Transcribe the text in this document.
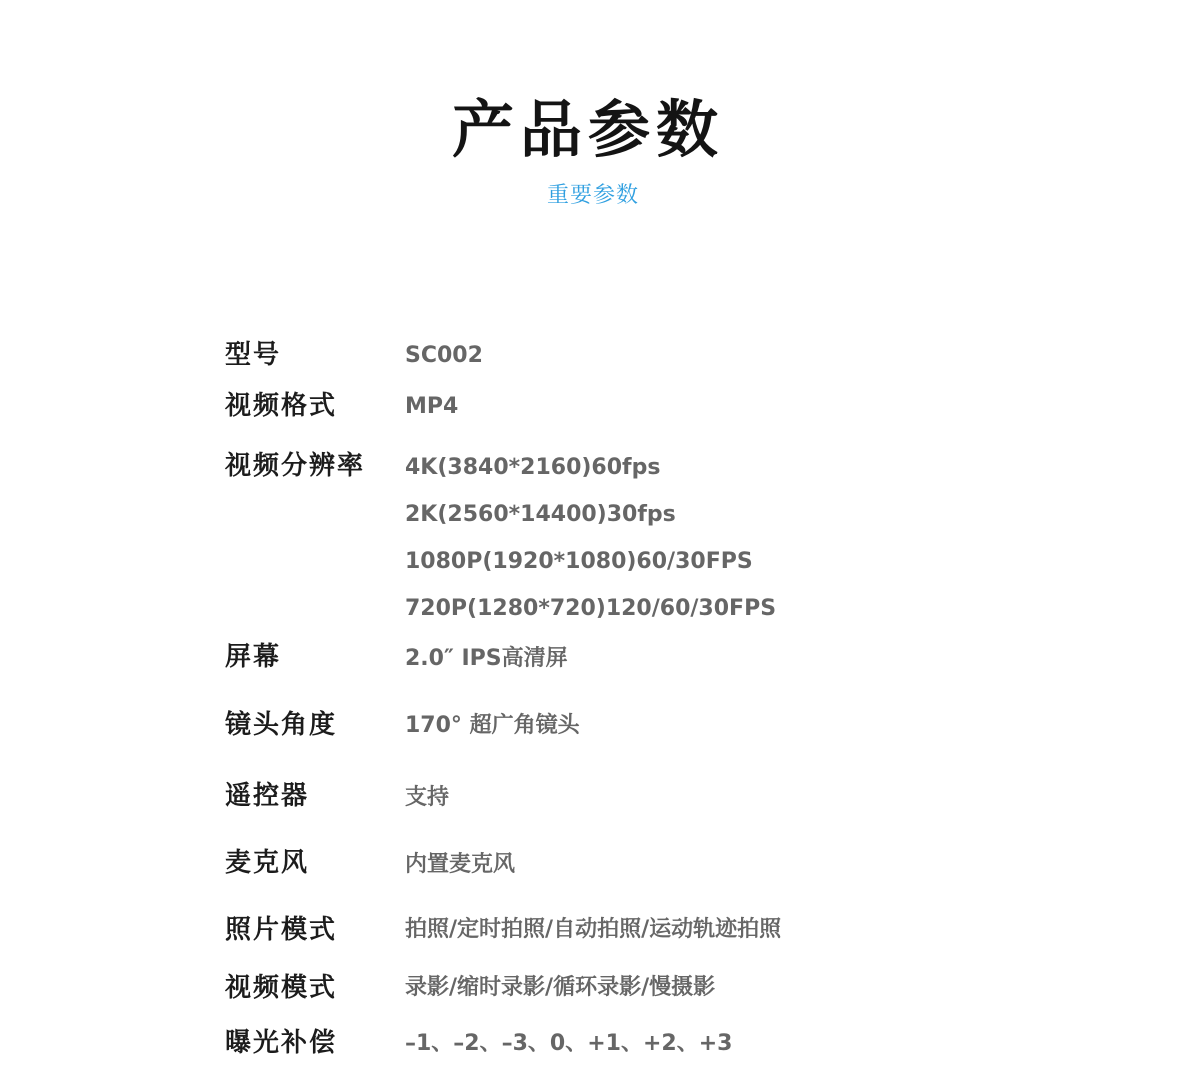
产品参数
重要参数
型号	SC002
视频格式	MP4
视频分辨率 4K(3840*2160)60fps
2K(2560*14400)30fps
1080P(1920*1080)60/30FPS
720P(1280*720)120/60/30FPS
屏幕	2.0″ IPS高清屏
镜头角度	170° 超广角镜头
遥控器	支持
麦克风	内置麦克风
照片模式	拍照/定时拍照/自动拍照/运动轨迹拍照
视频模式	录影/缩时录影/循环录影/慢摄影
曝光补偿	–1、–2、–3、0、+1、+2、+3
